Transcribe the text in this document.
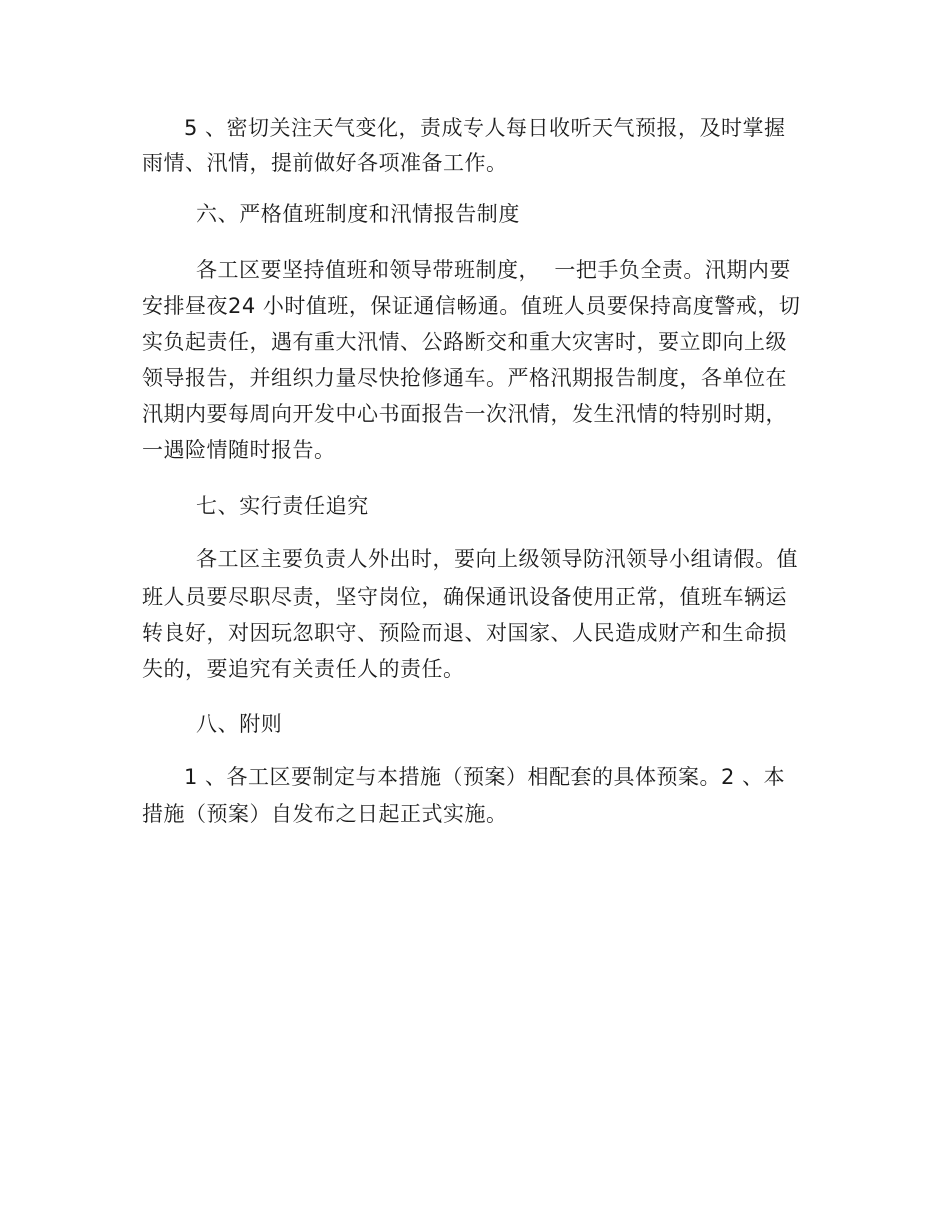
5 、密切关注天气变化，责成专人每日收听天气预报，及时掌握
雨情、汛情，提前做好各项准备工作。
六、严格值班制度和汛情报告制度
各工区要坚持值班和领导带班制度，  一把手负全责。汛期内要
安排昼夜24 小时值班，保证通信畅通。值班人员要保持高度警戒，切
实负起责任，遇有重大汛情、公路断交和重大灾害时，要立即向上级
领导报告，并组织力量尽快抢修通车。严格汛期报告制度，各单位在
汛期内要每周向开发中心书面报告一次汛情，发生汛情的特别时期，
一遇险情随时报告。
七、实行责任追究
各工区主要负责人外出时，要向上级领导防汛领导小组请假。值
班人员要尽职尽责，坚守岗位，确保通讯设备使用正常，值班车辆运
转良好，对因玩忽职守、预险而退、对国家、人民造成财产和生命损
失的，要追究有关责任人的责任。
八、附则
1 、各工区要制定与本措施（预案）相配套的具体预案。2 、本
措施（预案）自发布之日起正式实施。
